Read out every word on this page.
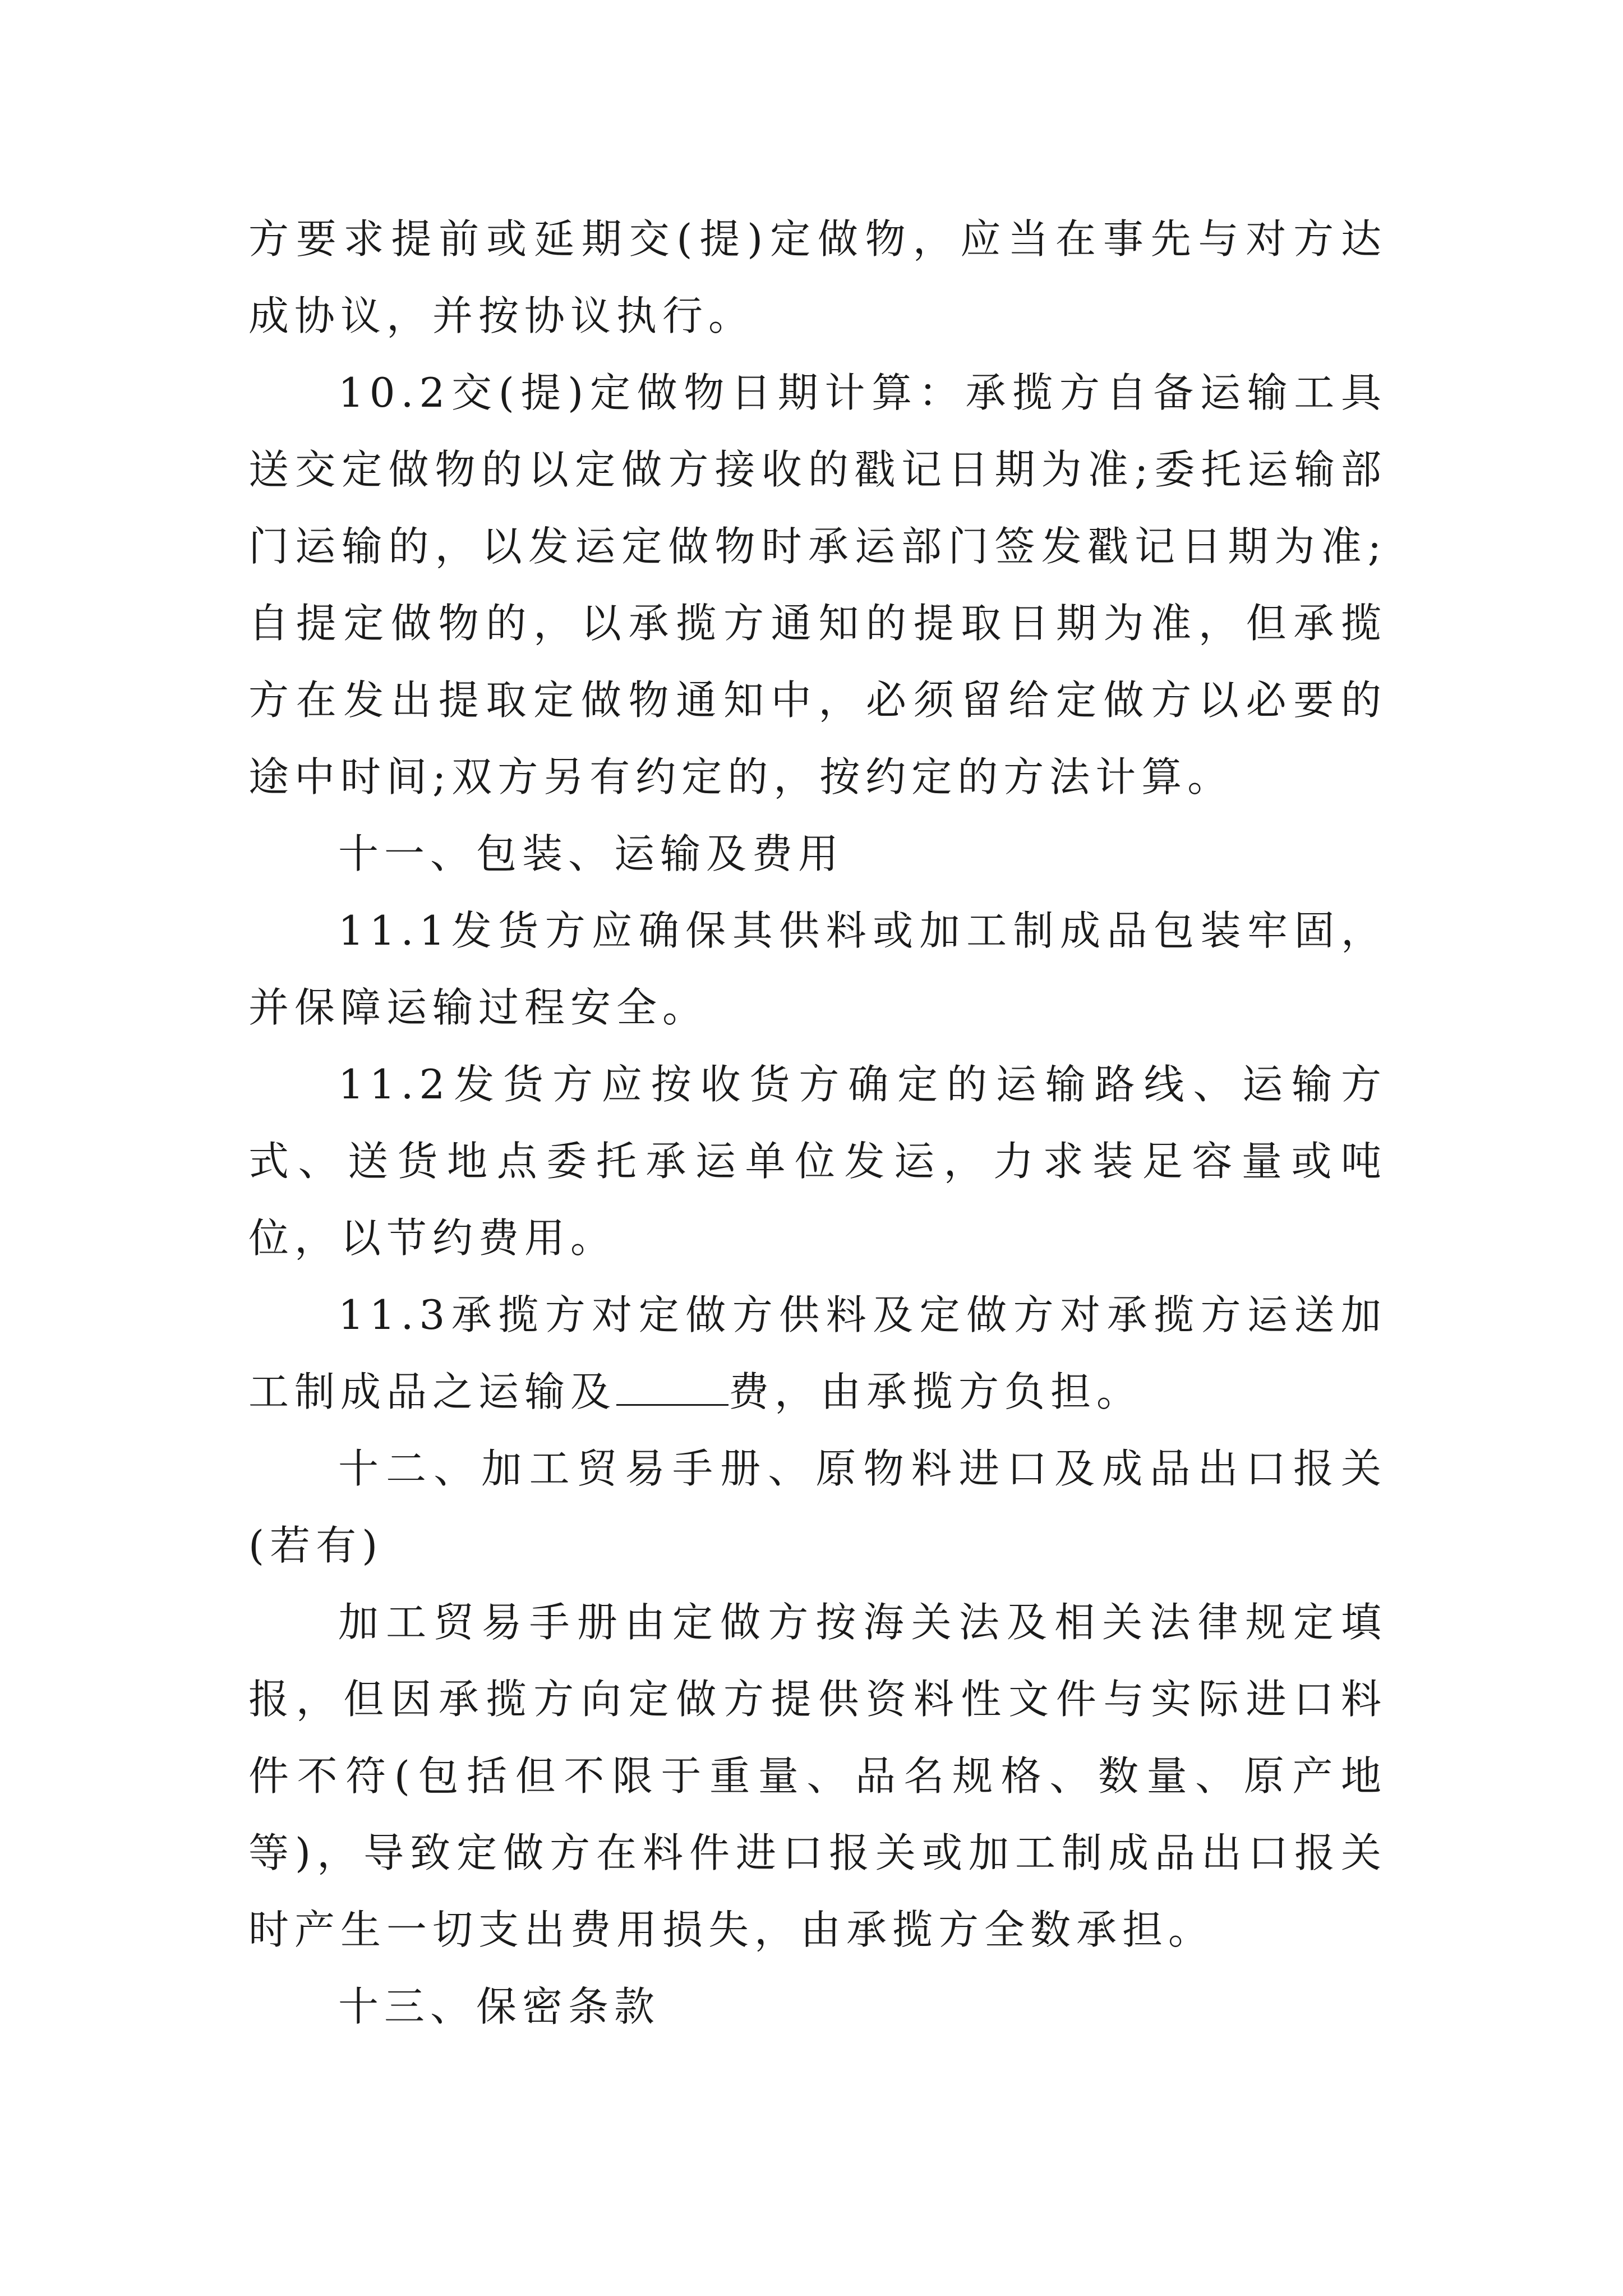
方要求提前或延期交(提)定做物，应当在事先与对方达成协议，并按协议执行。

10.2交(提)定做物日期计算：承揽方自备运输工具送交定做物的以定做方接收的戳记日期为准;委托运输部门运输的，以发运定做物时承运部门签发戳记日期为准;自提定做物的，以承揽方通知的提取日期为准，但承揽方在发出提取定做物通知中，必须留给定做方以必要的途中时间;双方另有约定的，按约定的方法计算。

十一、包装、运输及费用

11.1发货方应确保其供料或加工制成品包装牢固，并保障运输过程安全。

11.2发货方应按收货方确定的运输路线、运输方式、送货地点委托承运单位发运，力求装足容量或吨位，以节约费用。

11.3承揽方对定做方供料及定做方对承揽方运送加工制成品之运输及	费，由承揽方负担。

十二、加工贸易手册、原物料进口及成品出口报关(若有)

加工贸易手册由定做方按海关法及相关法律规定填报，但因承揽方向定做方提供资料性文件与实际进口料件不符(包括但不限于重量、品名规格、数量、原产地等)，导致定做方在料件进口报关或加工制成品出口报关时产生一切支出费用损失，由承揽方全数承担。

十三、保密条款
